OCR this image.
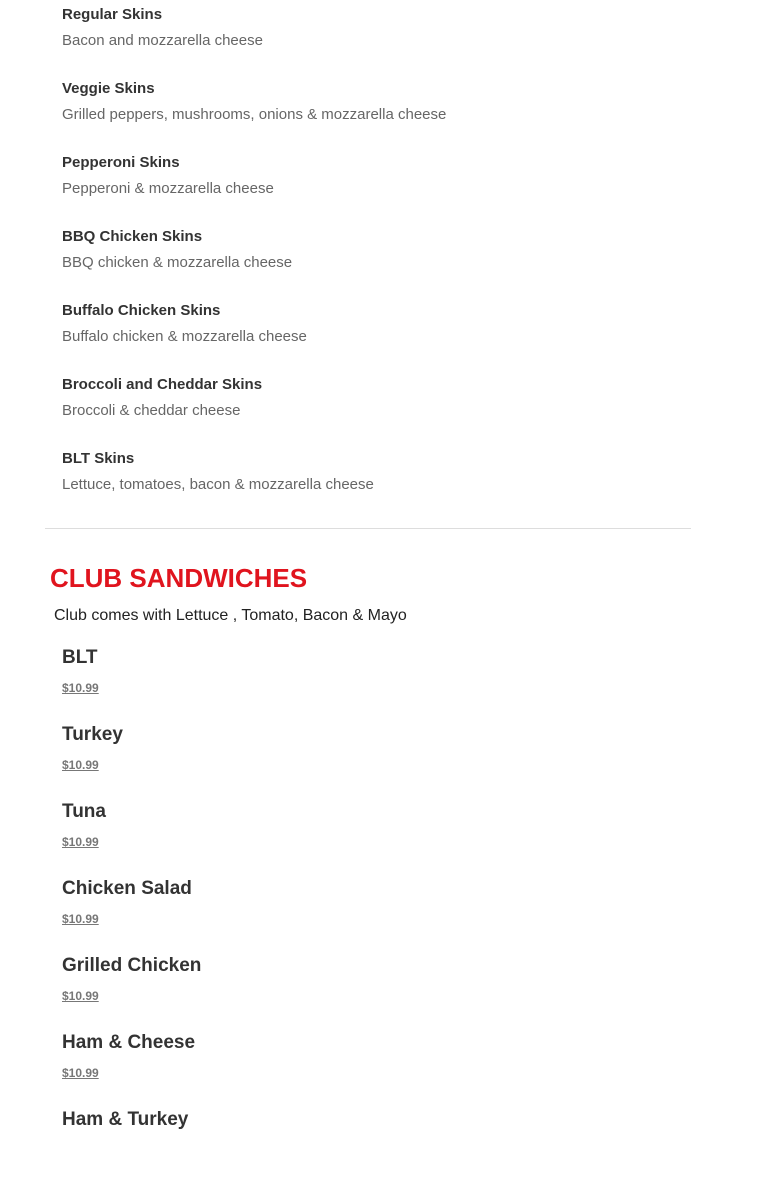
Regular Skins
Bacon and mozzarella cheese
Veggie Skins
Grilled peppers, mushrooms, onions & mozzarella cheese
Pepperoni Skins
Pepperoni & mozzarella cheese
BBQ Chicken Skins
BBQ chicken & mozzarella cheese
Buffalo Chicken Skins
Buffalo chicken & mozzarella cheese
Broccoli and Cheddar Skins
Broccoli & cheddar cheese
BLT Skins
Lettuce, tomatoes, bacon & mozzarella cheese
CLUB SANDWICHES
Club comes with Lettuce , Tomato, Bacon & Mayo
BLT
$10.99
Turkey
$10.99
Tuna
$10.99
Chicken Salad
$10.99
Grilled Chicken
$10.99
Ham & Cheese
$10.99
Ham & Turkey
